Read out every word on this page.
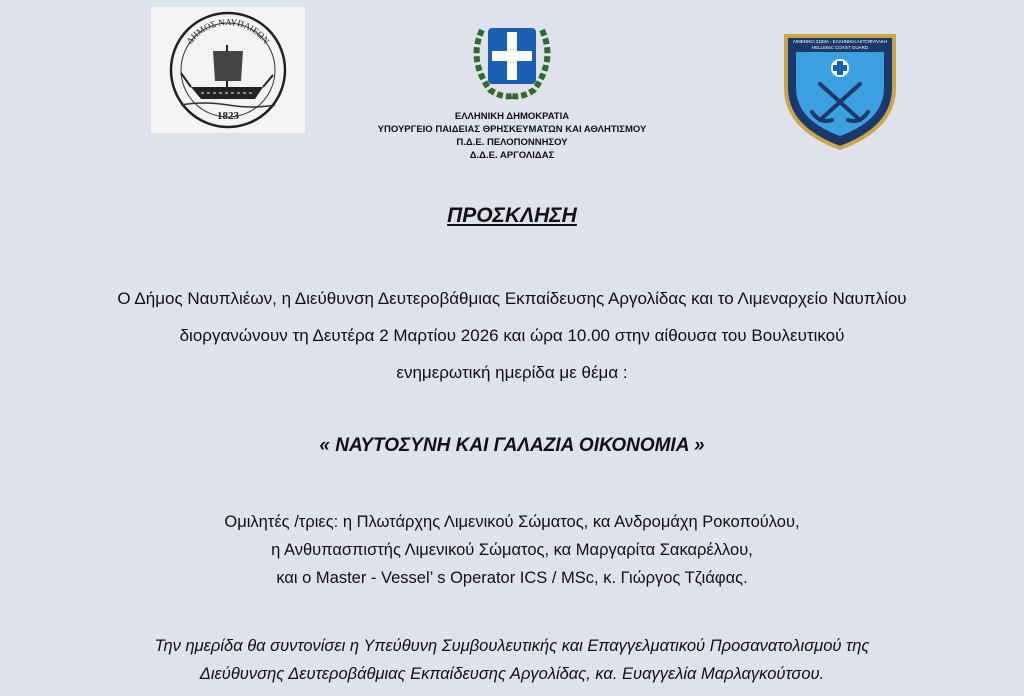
ΔΗΜΟΣ ΝΑΥΠΛΙΕΩΝ
1823	ΕΛΛΗΝΙΚΗ ΔΗΜΟΚΡΑΤΙΑ
ΥΠΟΥΡΓΕΙΟ ΠΑΙΔΕΙΑΣ ΘΡΗΣΚΕΥΜΑΤΩΝ ΚΑΙ ΑΘΛΗΤΙΣΜΟΥ
Π.Δ.Ε. ΠΕΛΟΠΟΝΝΗΣΟΥ
Δ.Δ.Ε. ΑΡΓΟΛΙΔΑΣ
ΛΙΜΕΝΙΚΟ ΣΩΜΑ - ΕΛΛΗΝΙΚΗ ΑΚΤΟΦΥΛΑΚΗ
HELLENIC COAST GUARD
ΠΡΟΣΚΛΗΣΗ
Ο Δήμος Ναυπλιέων, η Διεύθυνση Δευτεροβάθμιας Εκπαίδευσης Αργολίδας και το Λιμεναρχείο Ναυπλίου
διοργανώνουν τη Δευτέρα 2 Μαρτίου 2026 και ώρα 10.00 στην αίθουσα του Βουλευτικού
ενημερωτική ημερίδα με θέμα :
« ΝΑΥΤΟΣΥΝΗ ΚΑΙ ΓΑΛΑΖΙΑ ΟΙΚΟΝΟΜΙΑ »
Ομιλητές /τριες: η Πλωτάρχης Λιμενικού Σώματος, κα Ανδρομάχη Ροκοπούλου,
η Ανθυπασπιστής Λιμενικού Σώματος, κα Μαργαρίτα Σακαρέλλου,
και ο Master - Vessel’ s Operator ICS / MSc, κ. Γιώργος Τζιάφας.
Την ημερίδα θα συντονίσει η Υπεύθυνη Συμβουλευτικής και Επαγγελματικού Προσανατολισμού της
Διεύθυνσης Δευτεροβάθμιας Εκπαίδευσης Αργολίδας, κα. Ευαγγελία Μαρλαγκούτσου.
